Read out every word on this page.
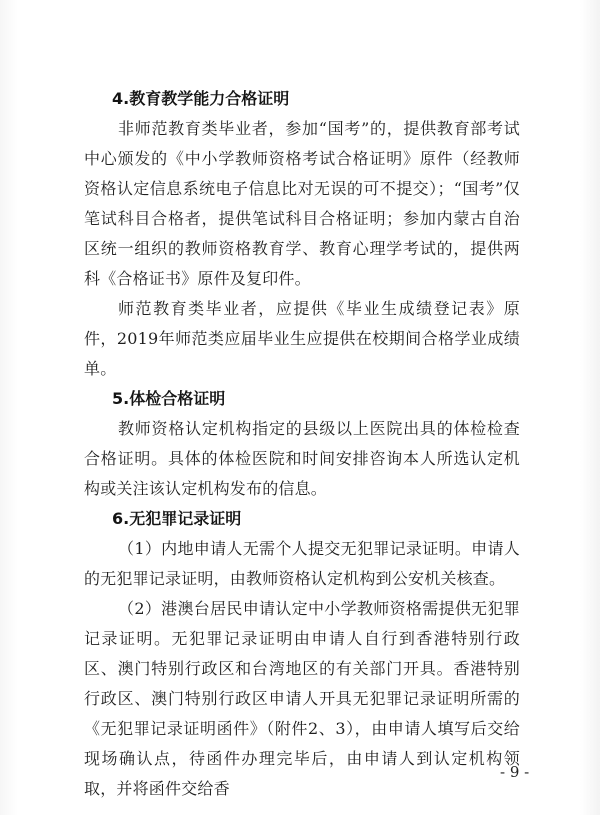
4.教育教学能力合格证明
非师范教育类毕业者，参加“国考”的，提供教育部考试中心颁发的《中小学教师资格考试合格证明》原件（经教师资格认定信息系统电子信息比对无误的可不提交）；“国考”仅笔试科目合格者，提供笔试科目合格证明；参加内蒙古自治区统一组织的教师资格教育学、教育心理学考试的，提供两科《合格证书》原件及复印件。
师范教育类毕业者，应提供《毕业生成绩登记表》原件，2019年师范类应届毕业生应提供在校期间合格学业成绩单。
5.体检合格证明
教师资格认定机构指定的县级以上医院出具的体检检查合格证明。具体的体检医院和时间安排咨询本人所选认定机构或关注该认定机构发布的信息。
6.无犯罪记录证明
（1）内地申请人无需个人提交无犯罪记录证明。申请人的无犯罪记录证明，由教师资格认定机构到公安机关核查。
（2）港澳台居民申请认定中小学教师资格需提供无犯罪记录证明。无犯罪记录证明由申请人自行到香港特别行政区、澳门特别行政区和台湾地区的有关部门开具。香港特别行政区、澳门特别行政区申请人开具无犯罪记录证明所需的《无犯罪记录证明函件》（附件2、3），由申请人填写后交给现场确认点，待函件办理完毕后，由申请人到认定机构领取，并将函件交给香
- 9 -
